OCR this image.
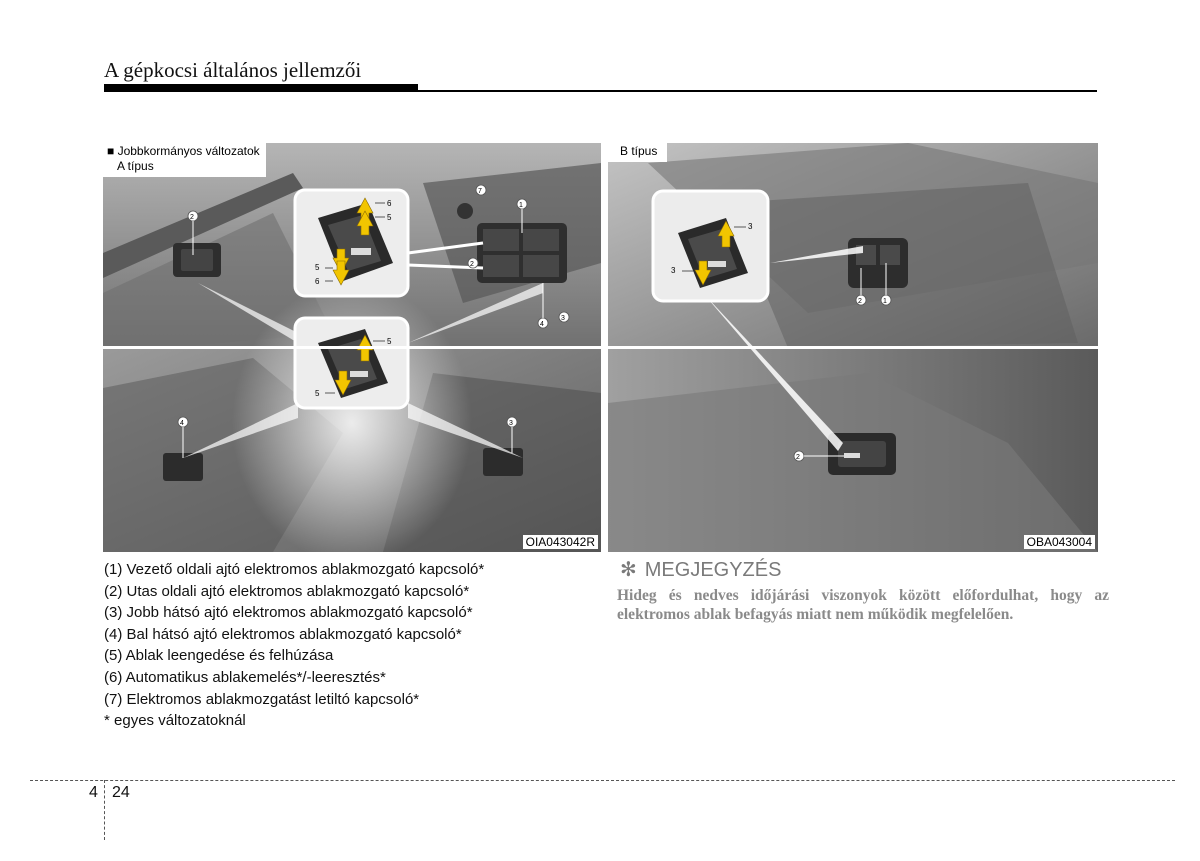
A gépkocsi általános jellemzői
2
4	3
7
1
2
3
4
6
5
5
6
5
5
■ Jobbkormányos változatok
A típus
OIA043042R
3
3
2	1
2
B típus
OBA043004
(1) Vezető oldali ajtó elektromos ablakmozgató kapcsoló*
(2) Utas oldali ajtó elektromos ablakmozgató kapcsoló*
(3) Jobb hátsó ajtó elektromos ablakmozgató kapcsoló*
(4) Bal hátsó ajtó elektromos ablakmozgató kapcsoló*
(5) Ablak leengedése és felhúzása
(6) Automatikus ablakemelés*/-leeresztés*
(7) Elektromos ablakmozgatást letiltó kapcsoló*
* egyes változatoknál
✻ MEGJEGYZÉS
Hideg és nedves időjárási viszonyok között előfordulhat, hogy az elektromos ablak befagyás miatt nem működik megfelelően.
4 24
